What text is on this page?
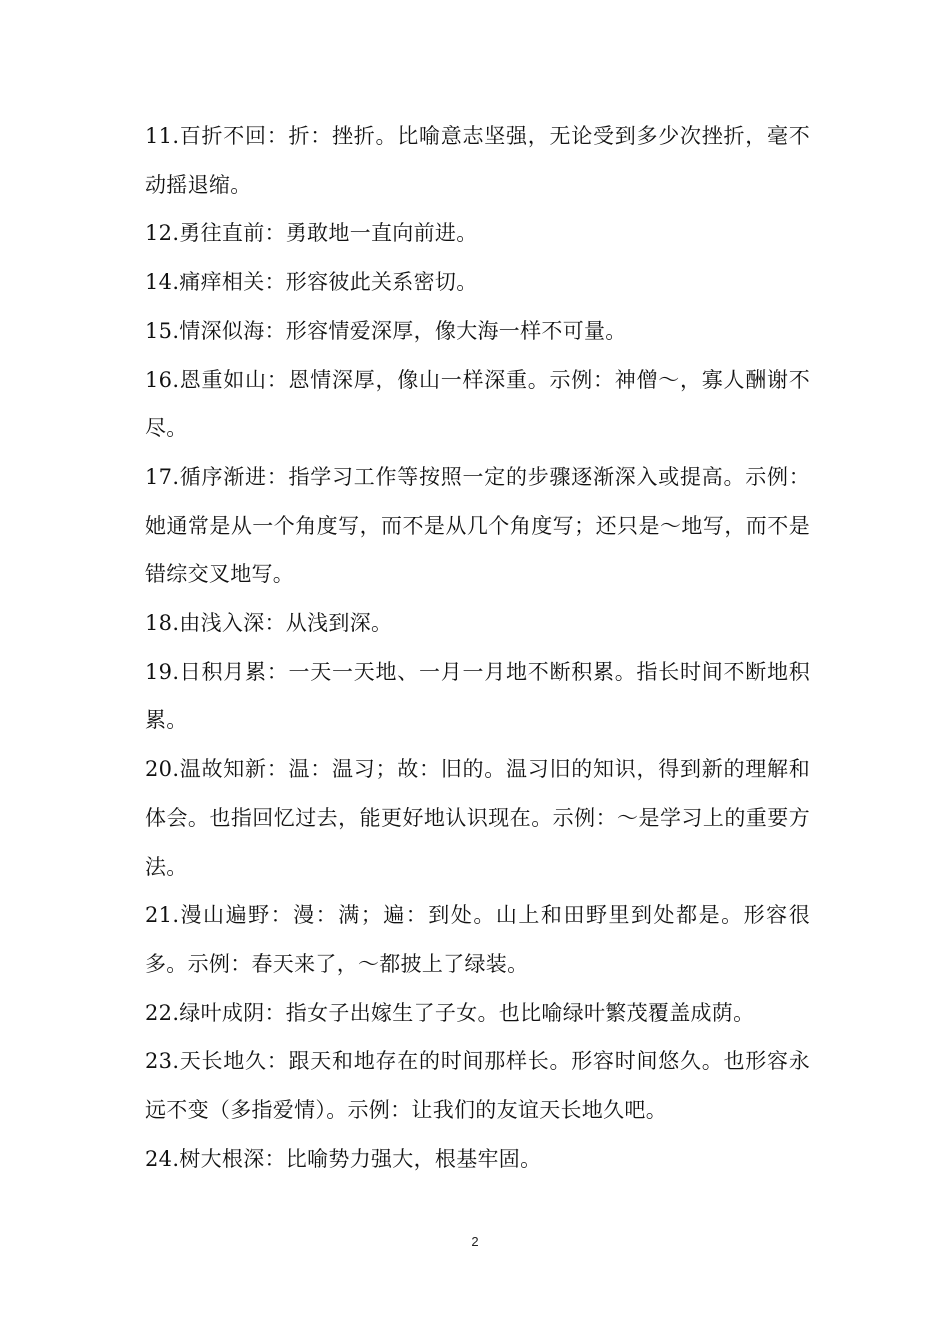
11.百折不回：折：挫折。比喻意志坚强，无论受到多少次挫折，毫不动摇退缩。

12.勇往直前：勇敢地一直向前进。

14.痛痒相关：形容彼此关系密切。

15.情深似海：形容情爱深厚，像大海一样不可量。

16.恩重如山：恩情深厚，像山一样深重。示例：神僧～，寡人酬谢不尽。

17.循序渐进：指学习工作等按照一定的步骤逐渐深入或提高。示例：她通常是从一个角度写，而不是从几个角度写；还只是～地写，而不是错综交叉地写。

18.由浅入深：从浅到深。

19.日积月累：一天一天地、一月一月地不断积累。指长时间不断地积累。

20.温故知新：温：温习；故：旧的。温习旧的知识，得到新的理解和体会。也指回忆过去，能更好地认识现在。示例：～是学习上的重要方法。

21.漫山遍野：漫：满；遍：到处。山上和田野里到处都是。形容很多。示例：春天来了，～都披上了绿装。

22.绿叶成阴：指女子出嫁生了子女。也比喻绿叶繁茂覆盖成荫。

23.天长地久：跟天和地存在的时间那样长。形容时间悠久。也形容永远不变（多指爱情）。示例：让我们的友谊天长地久吧。

24.树大根深：比喻势力强大，根基牢固。

2
